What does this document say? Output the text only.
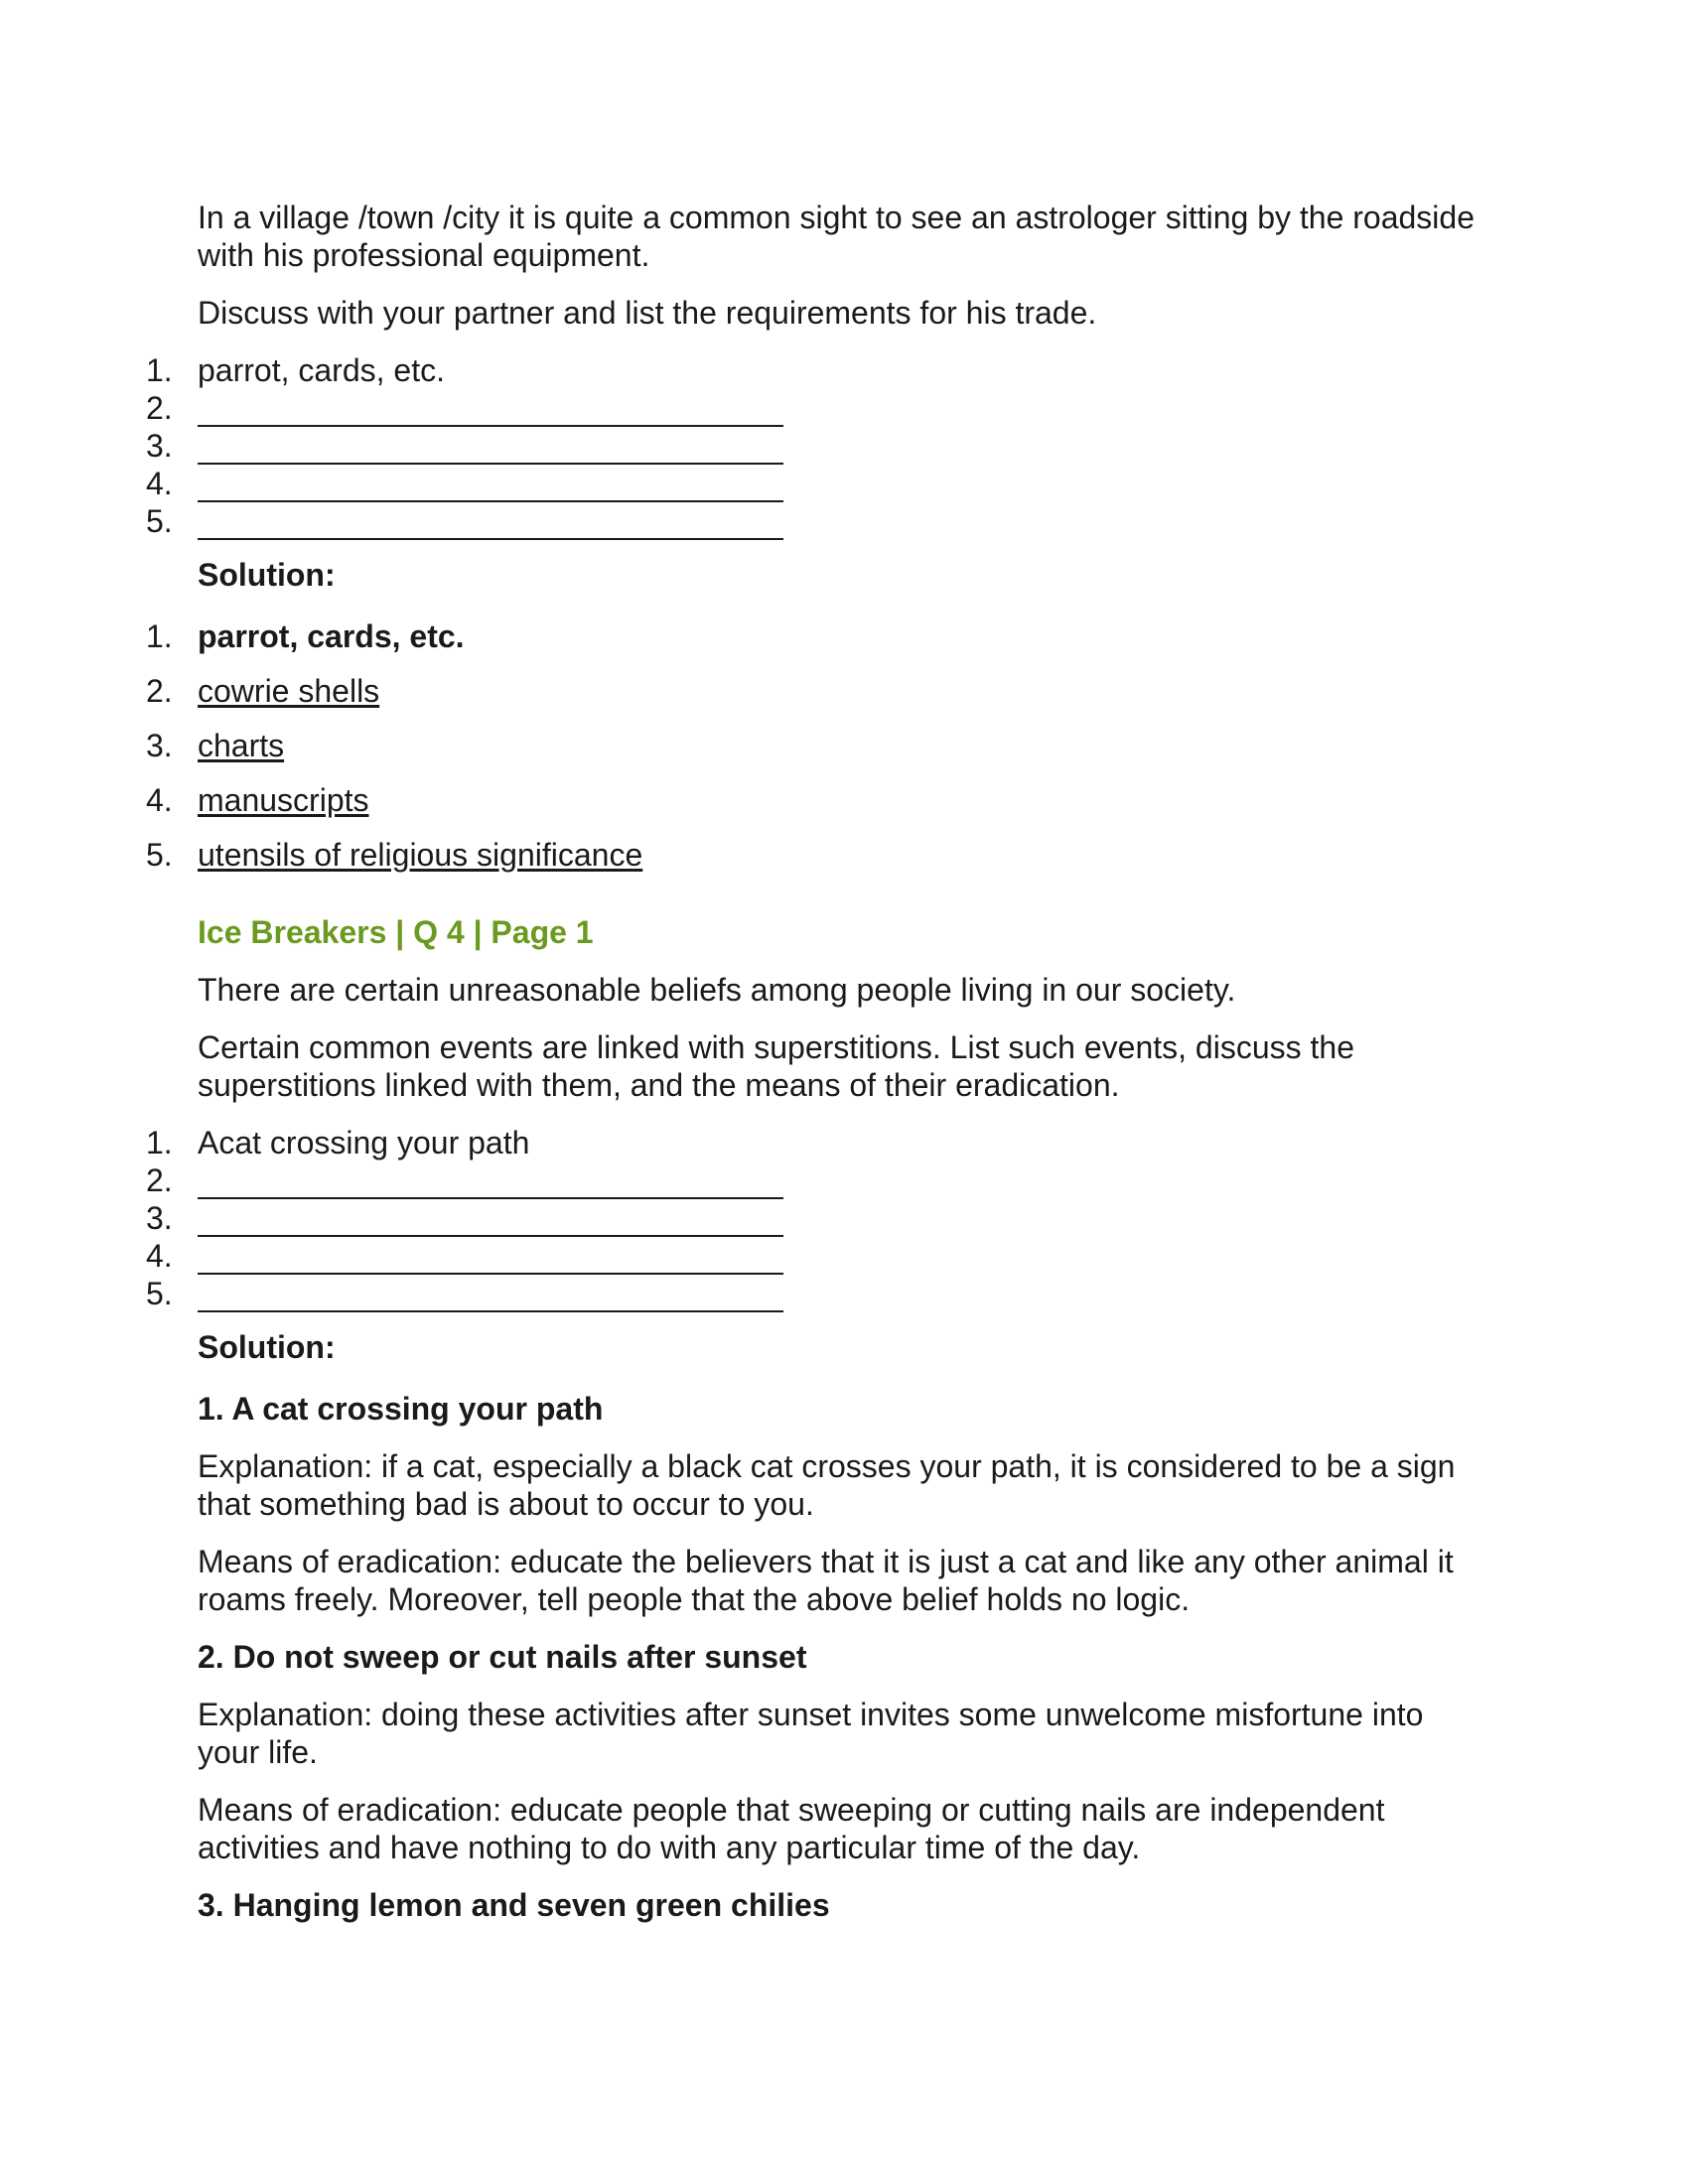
In a village /town /city it is quite a common sight to see an astrologer sitting by the roadside with his professional equipment.

Discuss with your partner and list the requirements for his trade.

1. parrot, cards, etc.
2.
3.
4.
5.
Solution:
1. parrot, cards, etc.
2. cowrie shells
3. charts
4. manuscripts
5. utensils of religious significance
Ice Breakers | Q 4 | Page 1

There are certain unreasonable beliefs among people living in our society.

Certain common events are linked with superstitions. List such events, discuss the superstitions linked with them, and the means of their eradication.

1. Acat crossing your path
2.
3.
4.
5.
Solution:
1. A cat crossing your path

Explanation: if a cat, especially a black cat crosses your path, it is considered to be a sign that something bad is about to occur to you.

Means of eradication: educate the believers that it is just a cat and like any other animal it roams freely. Moreover, tell people that the above belief holds no logic.

2. Do not sweep or cut nails after sunset

Explanation: doing these activities after sunset invites some unwelcome misfortune into your life.

Means of eradication: educate people that sweeping or cutting nails are independent activities and have nothing to do with any particular time of the day.

3. Hanging lemon and seven green chilies
